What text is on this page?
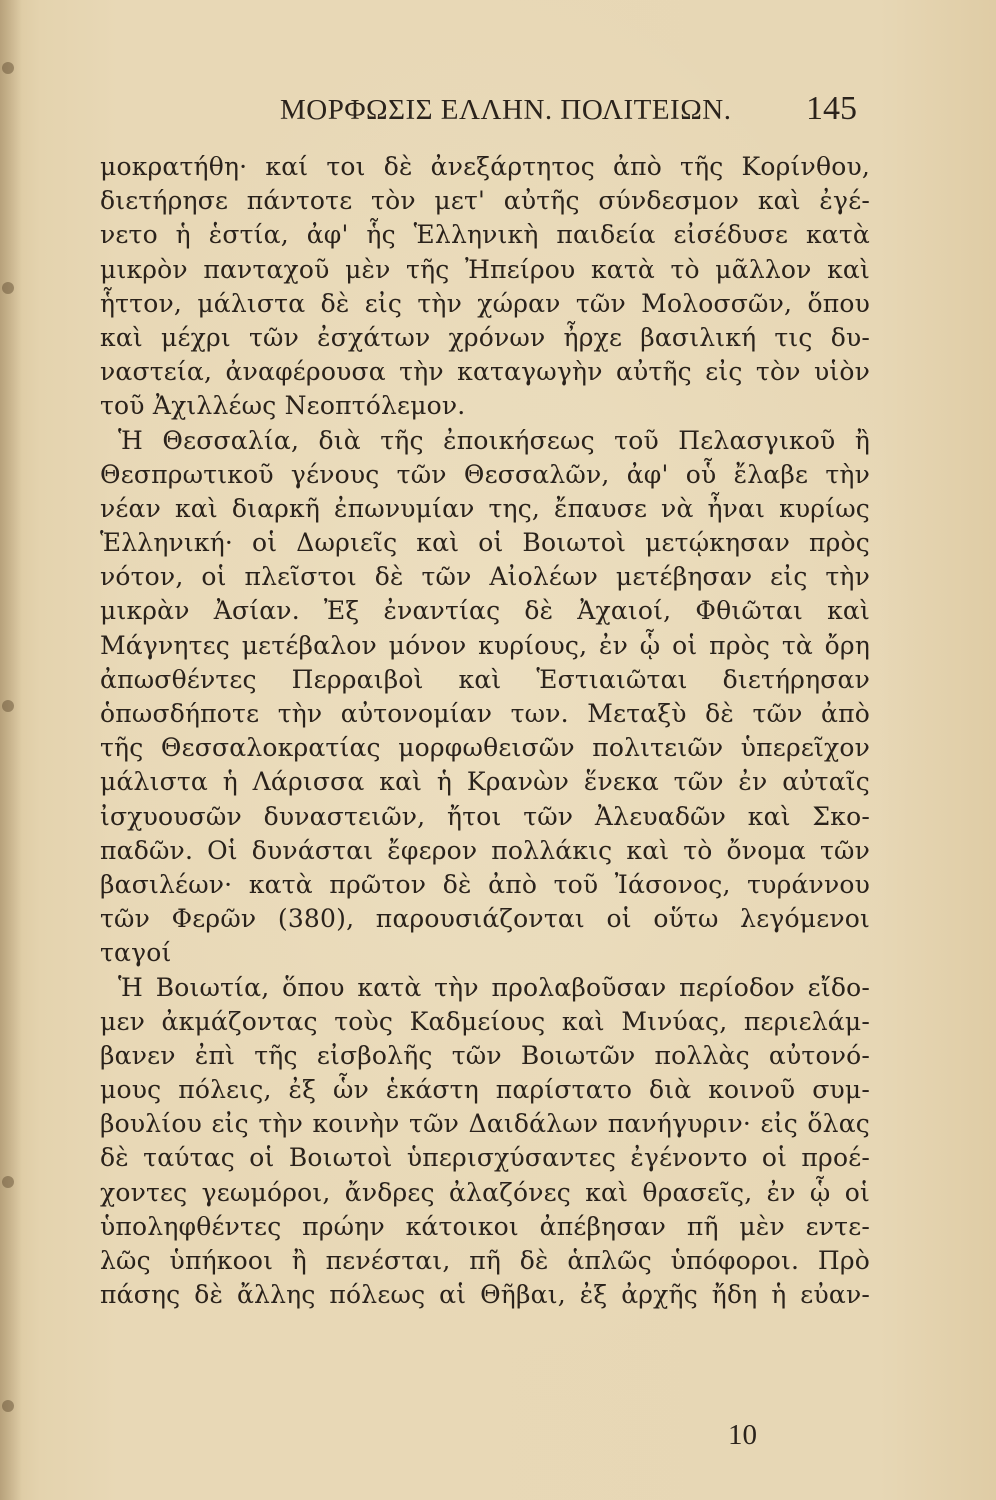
ΜΟΡΦΩΣΙΣ ΕΛΛΗΝ. ΠΟΛΙΤΕΙΩΝ. 145
μοκρατήθη· καί τοι δὲ ἀνεξάρτητος ἀπὸ τῆς Κορίνθου,
διετήρησε πάντοτε τὸν μετ' αὐτῆς σύνδεσμον καὶ ἐγέ-
νετο ἡ ἑστία, ἀφ' ἧς Ἑλληνικὴ παιδεία εἰσέδυσε κατὰ
μικρὸν πανταχοῦ μὲν τῆς Ἠπείρου κατὰ τὸ μᾶλλον καὶ
ἧττον, μάλιστα δὲ εἰς τὴν χώραν τῶν Μολοσσῶν, ὅπου
καὶ μέχρι τῶν ἐσχάτων χρόνων ἦρχε βασιλική τις δυ-
ναστεία, ἀναφέρουσα τὴν καταγωγὴν αὐτῆς εἰς τὸν υἱὸν
τοῦ Ἀχιλλέως Νεοπτόλεμον.
Ἡ Θεσσαλία, διὰ τῆς ἐποικήσεως τοῦ Πελασγικοῦ ἢ
Θεσπρωτικοῦ γένους τῶν Θεσσαλῶν, ἀφ' οὗ ἔλαβε τὴν
νέαν καὶ διαρκῆ ἐπωνυμίαν της, ἔπαυσε νὰ ἦναι κυρίως
Ἑλληνική· οἱ Δωριεῖς καὶ οἱ Βοιωτοὶ μετῴκησαν πρὸς
νότον, οἱ πλεῖστοι δὲ τῶν Αἰολέων μετέβησαν εἰς τὴν
μικρὰν Ἀσίαν. Ἐξ ἐναντίας δὲ Ἀχαιοί, Φθιῶται καὶ
Μάγνητες μετέβαλον μόνον κυρίους, ἐν ᾧ οἱ πρὸς τὰ ὄρη
ἀπωσθέντες Περραιβοὶ καὶ Ἑστιαιῶται διετήρησαν
ὁπωσδήποτε τὴν αὐτονομίαν των. Μεταξὺ δὲ τῶν ἀπὸ
τῆς Θεσσαλοκρατίας μορφωθεισῶν πολιτειῶν ὑπερεῖχον
μάλιστα ἡ Λάρισσα καὶ ἡ Κρανὼν ἕνεκα τῶν ἐν αὐταῖς
ἰσχυουσῶν δυναστειῶν, ἤτοι τῶν Ἀλευαδῶν καὶ Σκο-
παδῶν. Οἱ δυνάσται ἔφερον πολλάκις καὶ τὸ ὄνομα τῶν
βασιλέων· κατὰ πρῶτον δὲ ἀπὸ τοῦ Ἰάσονος, τυράννου
τῶν Φερῶν (380), παρουσιάζονται οἱ οὕτω λεγόμενοι
ταγοί
Ἡ Βοιωτία, ὅπου κατὰ τὴν προλαβοῦσαν περίοδον εἴδο-
μεν ἀκμάζοντας τοὺς Καδμείους καὶ Μινύας, περιελάμ-
βανεν ἐπὶ τῆς εἰσβολῆς τῶν Βοιωτῶν πολλὰς αὐτονό-
μους πόλεις, ἐξ ὧν ἑκάστη παρίστατο διὰ κοινοῦ συμ-
βουλίου εἰς τὴν κοινὴν τῶν Δαιδάλων πανήγυριν· εἰς ὅλας
δὲ ταύτας οἱ Βοιωτοὶ ὑπερισχύσαντες ἐγένοντο οἱ προέ-
χοντες γεωμόροι, ἄνδρες ἀλαζόνες καὶ θρασεῖς, ἐν ᾧ οἱ
ὑποληφθέντες πρώην κάτοικοι ἀπέβησαν πῆ μὲν εντε-
λῶς ὑπήκοοι ἢ πενέσται, πῆ δὲ ἁπλῶς ὑπόφοροι. Πρὸ
πάσης δὲ ἄλλης πόλεως αἱ Θῆβαι, ἐξ ἀρχῆς ἤδη ἡ εὐαν-
10
